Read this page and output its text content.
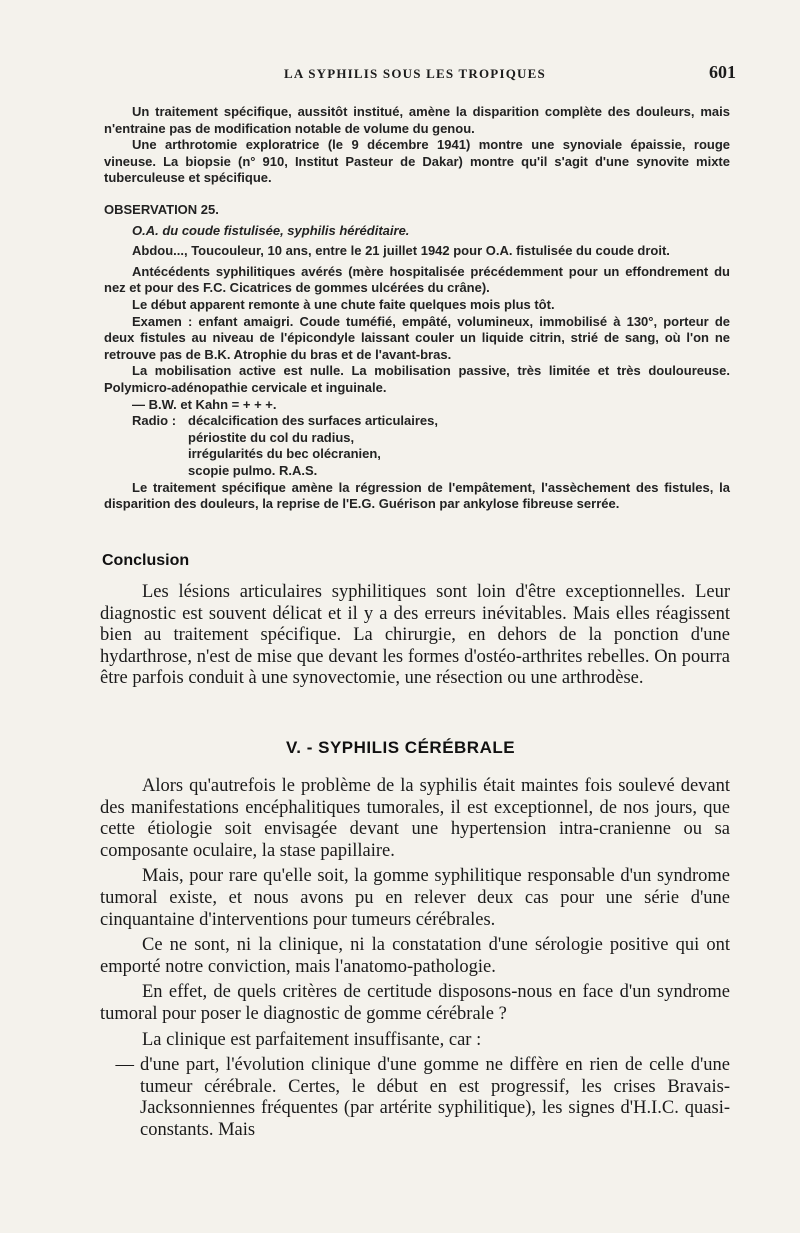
LA SYPHILIS SOUS LES TROPIQUES	601

Un traitement spécifique, aussitôt institué, amène la disparition complète des douleurs, mais n'entraine pas de modification notable de volume du genou.

Une arthrotomie exploratrice (le 9 décembre 1941) montre une synoviale épaissie, rouge vineuse. La biopsie (n° 910, Institut Pasteur de Dakar) montre qu'il s'agit d'une synovite mixte tuberculeuse et spécifique.

OBSERVATION 25.

O.A. du coude fistulisée, syphilis héréditaire.

Abdou..., Toucouleur, 10 ans, entre le 21 juillet 1942 pour O.A. fistulisée du coude droit.

Antécédents syphilitiques avérés (mère hospitalisée précédemment pour un effondrement du nez et pour des F.C. Cicatrices de gommes ulcérées du crâne).

Le début apparent remonte à une chute faite quelques mois plus tôt.

Examen : enfant amaigri. Coude tuméfié, empâté, volumineux, immobilisé à 130°, porteur de deux fistules au niveau de l'épicondyle laissant couler un liquide citrin, strié de sang, où l'on ne retrouve pas de B.K. Atrophie du bras et de l'avant-bras.

La mobilisation active est nulle. La mobilisation passive, très limitée et très douloureuse. Polymicro-adénopathie cervicale et inguinale.

— B.W. et Kahn = + + +.

Radio : décalcification des surfaces articulaires,
périostite du col du radius,
irrégularités du bec olécranien,
scopie pulmo. R.A.S.

Le traitement spécifique amène la régression de l'empâtement, l'assèchement des fistules, la disparition des douleurs, la reprise de l'E.G. Guérison par ankylose fibreuse serrée.

Conclusion

Les lésions articulaires syphilitiques sont loin d'être exceptionnelles. Leur diagnostic est souvent délicat et il y a des erreurs inévitables. Mais elles réagissent bien au traitement spécifique. La chirurgie, en dehors de la ponction d'une hydarthrose, n'est de mise que devant les formes d'ostéo-arthrites rebelles. On pourra être parfois conduit à une synovectomie, une résection ou une arthrodèse.

V. - SYPHILIS CÉRÉBRALE

Alors qu'autrefois le problème de la syphilis était maintes fois soulevé devant des manifestations encéphalitiques tumorales, il est exceptionnel, de nos jours, que cette étiologie soit envisagée devant une hypertension intra-cranienne ou sa composante oculaire, la stase papillaire.

Mais, pour rare qu'elle soit, la gomme syphilitique responsable d'un syndrome tumoral existe, et nous avons pu en relever deux cas pour une série d'une cinquantaine d'interventions pour tumeurs cérébrales.

Ce ne sont, ni la clinique, ni la constatation d'une sérologie positive qui ont emporté notre conviction, mais l'anatomo-pathologie.

En effet, de quels critères de certitude disposons-nous en face d'un syndrome tumoral pour poser le diagnostic de gomme cérébrale ?

La clinique est parfaitement insuffisante, car :

— d'une part, l'évolution clinique d'une gomme ne diffère en rien de celle d'une tumeur cérébrale. Certes, le début en est progressif, les crises Bravais-Jacksonniennes fréquentes (par artérite syphilitique), les signes d'H.I.C. quasi-constants. Mais
